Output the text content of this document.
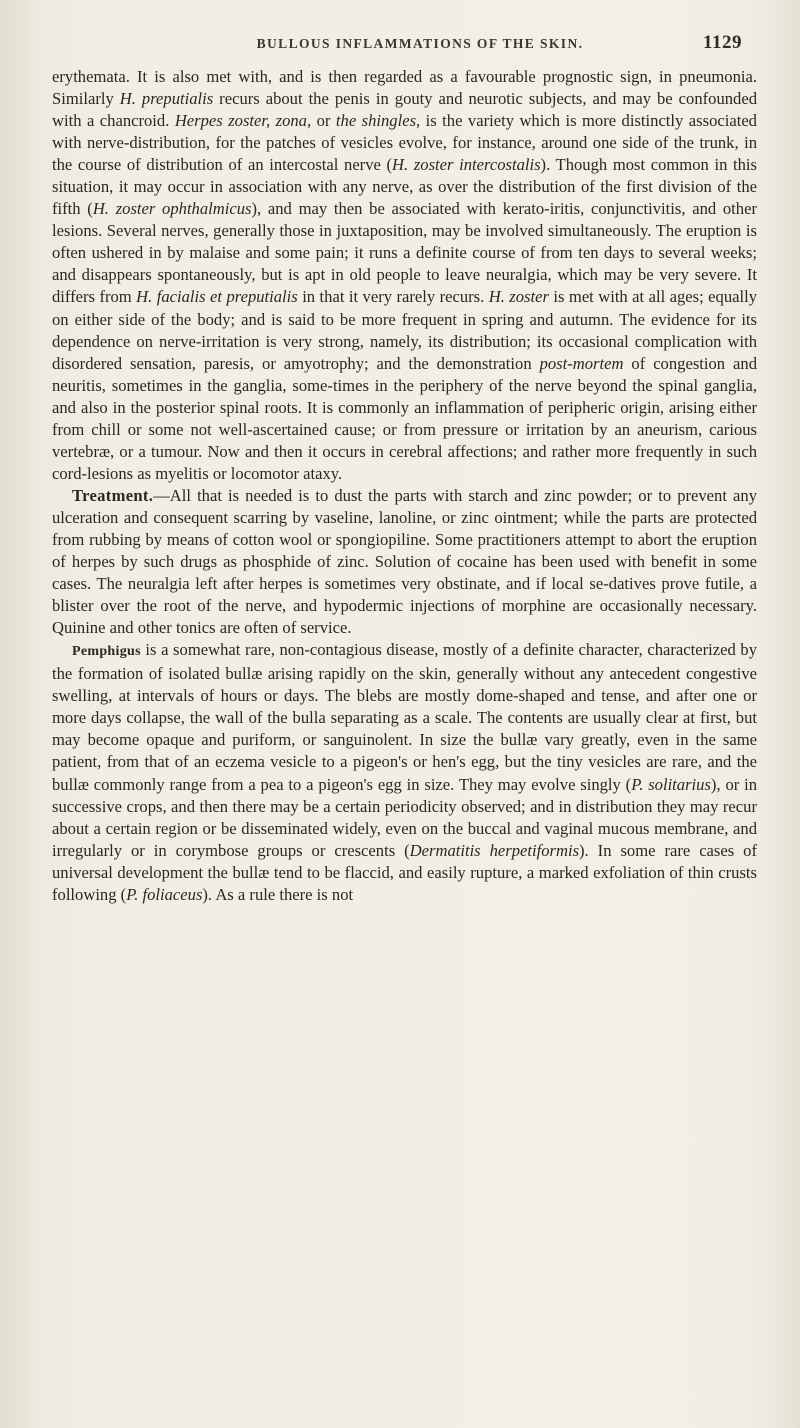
BULLOUS INFLAMMATIONS OF THE SKIN.	1129

erythemata. It is also met with, and is then regarded as a favourable prognostic sign, in pneumonia. Similarly H. preputialis recurs about the penis in gouty and neurotic subjects, and may be confounded with a chancroid. Herpes zoster, zona, or the shingles, is the variety which is more distinctly associated with nerve-distribution, for the patches of vesicles evolve, for instance, around one side of the trunk, in the course of distribution of an intercostal nerve (H. zoster intercostalis). Though most common in this situation, it may occur in association with any nerve, as over the distribution of the first division of the fifth (H. zoster ophthalmicus), and may then be associated with kerato-iritis, conjunctivitis, and other lesions. Several nerves, generally those in juxtaposition, may be involved simultaneously. The eruption is often ushered in by malaise and some pain; it runs a definite course of from ten days to several weeks; and disappears spontaneously, but is apt in old people to leave neuralgia, which may be very severe. It differs from H. facialis et preputialis in that it very rarely recurs. H. zoster is met with at all ages; equally on either side of the body; and is said to be more frequent in spring and autumn. The evidence for its dependence on nerve-irritation is very strong, namely, its distribution; its occasional complication with disordered sensation, paresis, or amyotrophy; and the demonstration post-mortem of congestion and neuritis, sometimes in the ganglia, some-times in the periphery of the nerve beyond the spinal ganglia, and also in the posterior spinal roots. It is commonly an inflammation of peripheric origin, arising either from chill or some not well-ascertained cause; or from pressure or irritation by an aneurism, carious vertebræ, or a tumour. Now and then it occurs in cerebral affections; and rather more frequently in such cord-lesions as myelitis or locomotor ataxy.

Treatment.—All that is needed is to dust the parts with starch and zinc powder; or to prevent any ulceration and consequent scarring by vaseline, lanoline, or zinc ointment; while the parts are protected from rubbing by means of cotton wool or spongiopiline. Some practitioners attempt to abort the eruption of herpes by such drugs as phosphide of zinc. Solution of cocaine has been used with benefit in some cases. The neuralgia left after herpes is sometimes very obstinate, and if local se-datives prove futile, a blister over the root of the nerve, and hypodermic injections of morphine are occasionally necessary. Quinine and other tonics are often of service.

Pemphigus is a somewhat rare, non-contagious disease, mostly of a definite character, characterized by the formation of isolated bullæ arising rapidly on the skin, generally without any antecedent congestive swelling, at intervals of hours or days. The blebs are mostly dome-shaped and tense, and after one or more days collapse, the wall of the bulla separating as a scale. The contents are usually clear at first, but may become opaque and puriform, or sanguinolent. In size the bullæ vary greatly, even in the same patient, from that of an eczema vesicle to a pigeon's or hen's egg, but the tiny vesicles are rare, and the bullæ commonly range from a pea to a pigeon's egg in size. They may evolve singly (P. solitarius), or in successive crops, and then there may be a certain periodicity observed; and in distribution they may recur about a certain region or be disseminated widely, even on the buccal and vaginal mucous membrane, and irregularly or in corymbose groups or crescents (Dermatitis herpetiformis). In some rare cases of universal development the bullæ tend to be flaccid, and easily rupture, a marked exfoliation of thin crusts following (P. foliaceus). As a rule there is not
